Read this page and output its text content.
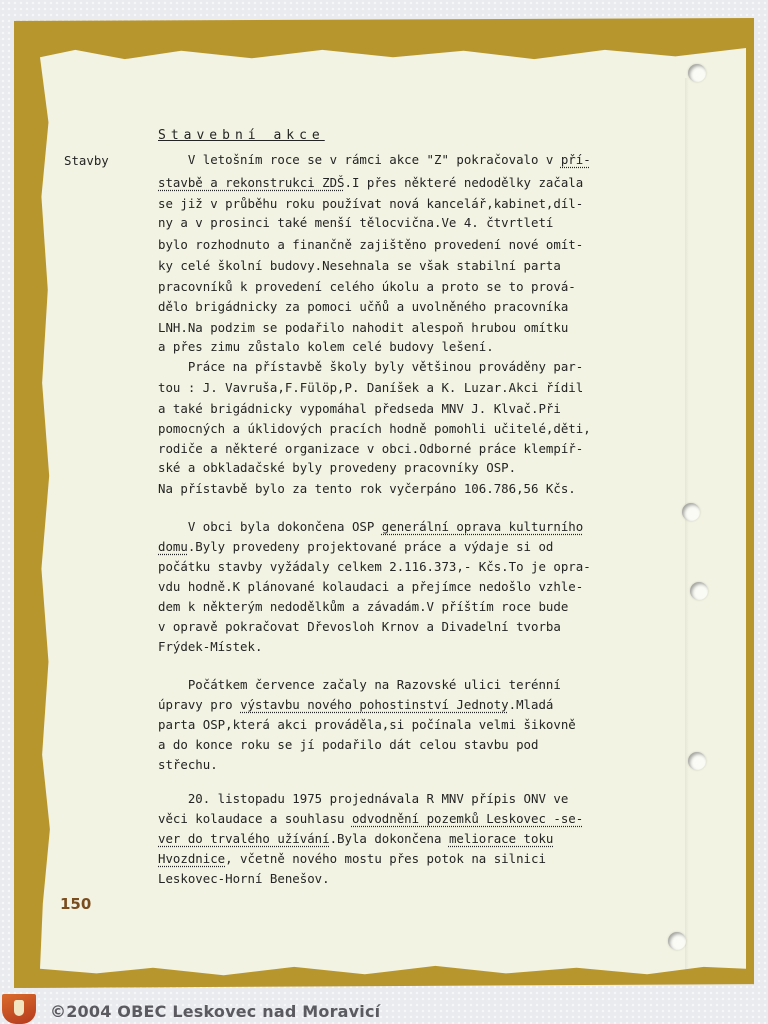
Stavební akce
Stavby	V letošním roce se v rámci akce "Z" pokračovalo v pří-
stavbě a rekonstrukci ZDŠ.I přes některé nedodělky začala
se již v průběhu roku používat nová kancelář,kabinet,díl-
ny a v prosinci také menší tělocvična.Ve 4. čtvrtletí
bylo rozhodnuto a finančně zajištěno provedení nové omít-
ky celé školní budovy.Nesehnala se však stabilní parta
pracovníků k provedení celého úkolu a proto se to prová-
dělo brigádnicky za pomoci učňů a uvolněného pracovníka
LNH.Na podzim se podařilo nahodit alespoň hrubou omítku
a přes zimu zůstalo kolem celé budovy lešení.
Práce na přístavbě školy byly většinou prováděny par-
tou : J. Vavruša,F.Fülöp,P. Daníšek a K. Luzar.Akci řídil
a také brigádnicky vypomáhal předseda MNV J. Klvač.Při
pomocných a úklidových pracích hodně pomohli učitelé,děti,
rodiče a některé organizace v obci.Odborné práce klempíř-
ské a obkladačské byly provedeny pracovníky OSP.
Na přístavbě bylo za tento rok vyčerpáno 106.786,56 Kčs.
V obci byla dokončena OSP generální oprava kulturního
domu.Byly provedeny projektované práce a výdaje si od
počátku stavby vyžádaly celkem 2.116.373,- Kčs.To je opra-
vdu hodně.K plánované kolaudaci a přejímce nedošlo vzhle-
dem k některým nedodělkům a závadám.V příštím roce bude
v opravě pokračovat Dřevosloh Krnov a Divadelní tvorba
Frýdek-Místek.
Počátkem července začaly na Razovské ulici terénní
úpravy pro výstavbu nového pohostinství Jednoty.Mladá
parta OSP,která akci prováděla,si počínala velmi šikovně
a do konce roku se jí podařilo dát celou stavbu pod
střechu.
20. listopadu 1975 projednávala R MNV přípis ONV ve
věci kolaudace a souhlasu odvodnění pozemků Leskovec -se-
ver do trvalého užívání.Byla dokončena meliorace toku
Hvozdnice, včetně nového mostu přes potok na silnici
Leskovec-Horní Benešov.
150
©2004 OBEC Leskovec nad Moravicí
